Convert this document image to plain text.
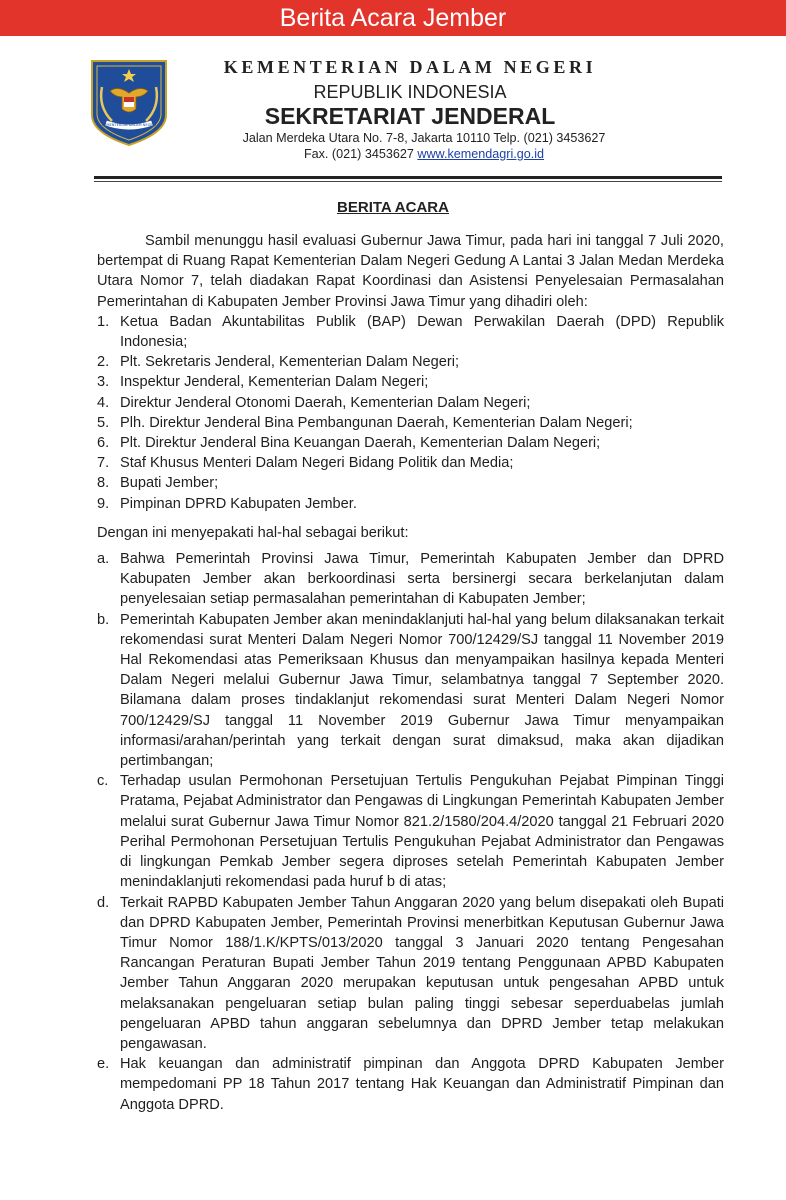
Berita Acara Jember
KEMENTERIAN DALAM NEGERI
KEMENTERIAN DALAM NEGERI
REPUBLIK INDONESIA
SEKRETARIAT JENDERAL
Jalan Merdeka Utara No. 7-8, Jakarta 10110 Telp. (021) 3453627
Fax. (021) 3453627 www.kemendagri.go.id
BERITA ACARA

Sambil menunggu hasil evaluasi Gubernur Jawa Timur, pada hari ini tanggal 7 Juli 2020, bertempat di Ruang Rapat Kementerian Dalam Negeri Gedung A Lantai 3 Jalan Medan Merdeka Utara Nomor 7, telah diadakan Rapat Koordinasi dan Asistensi Penyelesaian Permasalahan Pemerintahan di Kabupaten Jember Provinsi Jawa Timur yang dihadiri oleh:

1. Ketua Badan Akuntabilitas Publik (BAP) Dewan Perwakilan Daerah (DPD) Republik Indonesia;
2. Plt. Sekretaris Jenderal, Kementerian Dalam Negeri;
3. Inspektur Jenderal, Kementerian Dalam Negeri;
4. Direktur Jenderal Otonomi Daerah, Kementerian Dalam Negeri;
5. Plh. Direktur Jenderal Bina Pembangunan Daerah, Kementerian Dalam Negeri;
6. Plt. Direktur Jenderal Bina Keuangan Daerah, Kementerian Dalam Negeri;
7. Staf Khusus Menteri Dalam Negeri Bidang Politik dan Media;
8. Bupati Jember;
9. Pimpinan DPRD Kabupaten Jember.

Dengan ini menyepakati hal-hal sebagai berikut:

a. Bahwa Pemerintah Provinsi Jawa Timur, Pemerintah Kabupaten Jember dan DPRD Kabupaten Jember akan berkoordinasi serta bersinergi secara berkelanjutan dalam penyelesaian setiap permasalahan pemerintahan di Kabupaten Jember;
b. Pemerintah Kabupaten Jember akan menindaklanjuti hal-hal yang belum dilaksanakan terkait rekomendasi surat Menteri Dalam Negeri Nomor 700/12429/SJ tanggal 11 November 2019 Hal Rekomendasi atas Pemeriksaan Khusus dan menyampaikan hasilnya kepada Menteri Dalam Negeri melalui Gubernur Jawa Timur, selambatnya tanggal 7 September 2020. Bilamana dalam proses tindaklanjut rekomendasi surat Menteri Dalam Negeri Nomor 700/12429/SJ tanggal 11 November 2019 Gubernur Jawa Timur menyampaikan informasi/arahan/perintah yang terkait dengan surat dimaksud, maka akan dijadikan pertimbangan;
c. Terhadap usulan Permohonan Persetujuan Tertulis Pengukuhan Pejabat Pimpinan Tinggi Pratama, Pejabat Administrator dan Pengawas di Lingkungan Pemerintah Kabupaten Jember melalui surat Gubernur Jawa Timur Nomor 821.2/1580/204.4/2020 tanggal 21 Februari 2020 Perihal Permohonan Persetujuan Tertulis Pengukuhan Pejabat Administrator dan Pengawas di lingkungan Pemkab Jember segera diproses setelah Pemerintah Kabupaten Jember menindaklanjuti rekomendasi pada huruf b di atas;
d. Terkait RAPBD Kabupaten Jember Tahun Anggaran 2020 yang belum disepakati oleh Bupati dan DPRD Kabupaten Jember, Pemerintah Provinsi menerbitkan Keputusan Gubernur Jawa Timur Nomor 188/1.K/KPTS/013/2020 tanggal 3 Januari 2020 tentang Pengesahan Rancangan Peraturan Bupati Jember Tahun 2019 tentang Penggunaan APBD Kabupaten Jember Tahun Anggaran 2020 merupakan keputusan untuk pengesahan APBD untuk melaksanakan pengeluaran setiap bulan paling tinggi sebesar seperduabelas jumlah pengeluaran APBD tahun anggaran sebelumnya dan DPRD Jember tetap melakukan pengawasan.
e. Hak keuangan dan administratif pimpinan dan Anggota DPRD Kabupaten Jember mempedomani PP 18 Tahun 2017 tentang Hak Keuangan dan Administratif Pimpinan dan Anggota DPRD.
